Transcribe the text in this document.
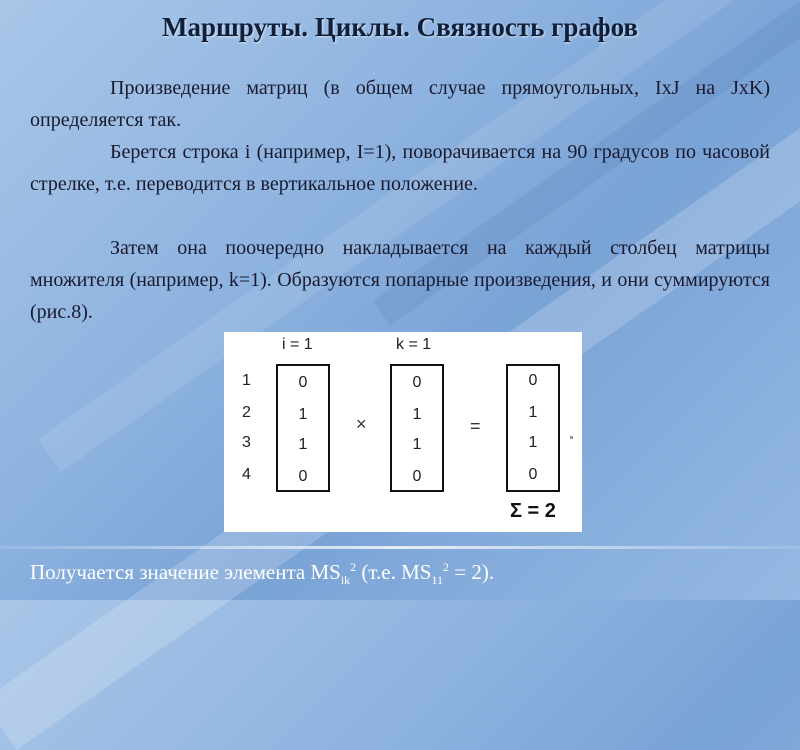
Маршруты. Циклы. Связность графов
Произведение матриц (в общем случае прямоугольных, IxJ на JxK) определяется так.
Берется строка i (например, I=1), поворачивается на 90 градусов по часовой стрелке, т.е. переводится в вертикальное положение.
Затем она поочередно накладывается на каждый столбец матрицы множителя (например, k=1). Образуются попарные произведения, и они суммируются (рис.8).
i = 1	k = 1
1
2
3
4
0
1
1
0
×
0
1
1
0
=
0
1
1
0
Σ = 2
Получается значение элемента $MS_{ik}^2$ (т.е. $MS_{11}^2 = 2$).
